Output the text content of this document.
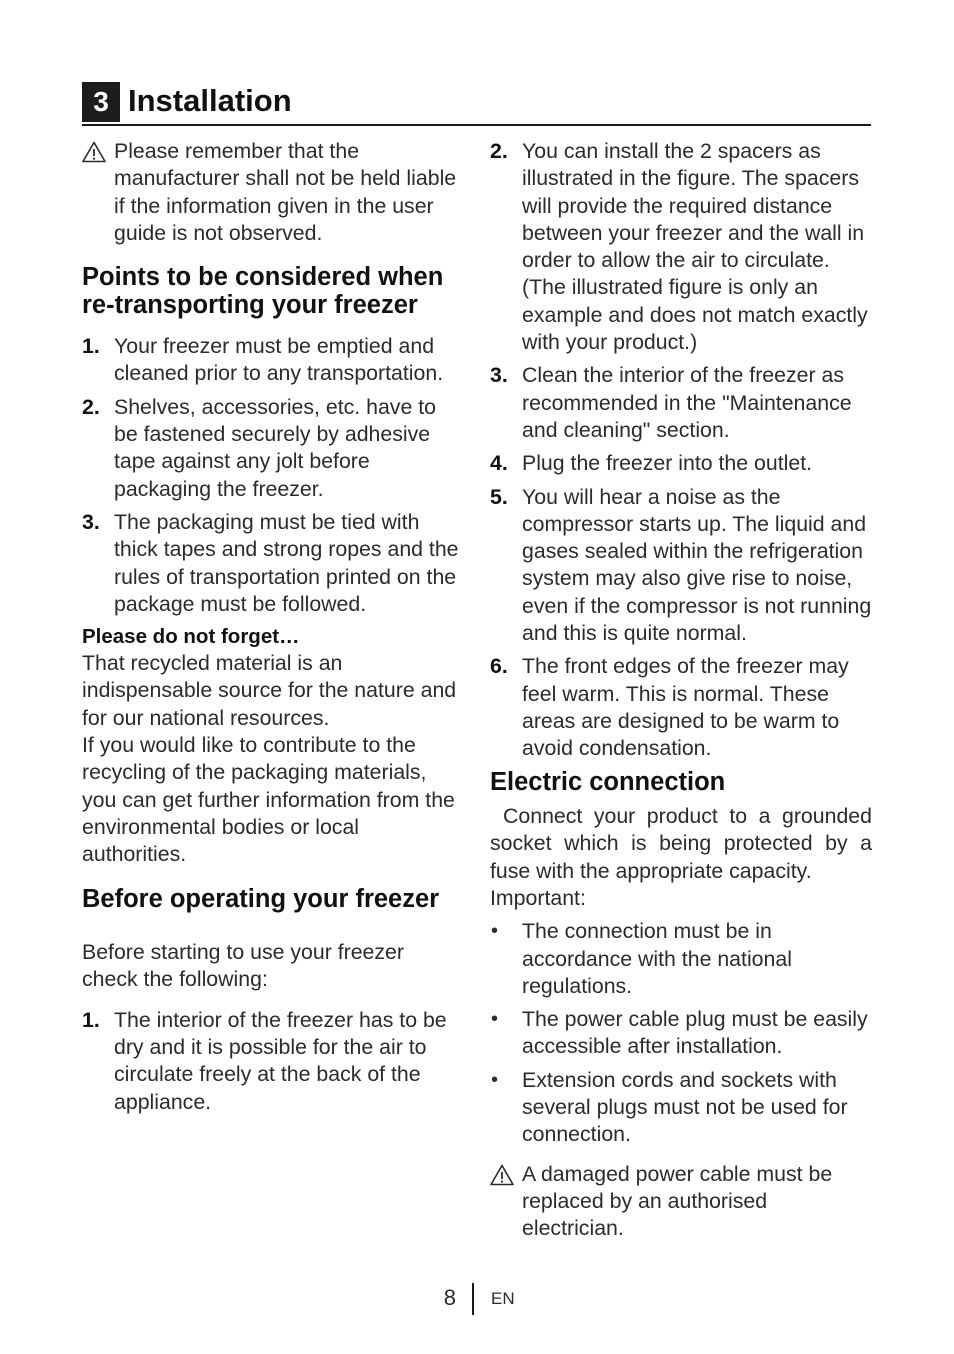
3 Installation

Please remember that the manufacturer shall not be held liable if the information given in the user guide is not observed.

Points to be considered when re-transporting your freezer
1. Your freezer must be emptied and cleaned prior to any transportation.
2. Shelves, accessories, etc. have to be fastened securely by adhesive tape against any jolt before packaging the freezer.
3. The packaging must be tied with thick tapes and strong ropes and the rules of transportation printed on the package must be followed.
Please do not forget…

That recycled material is an indispensable source for the nature and for our national resources.

If you would like to contribute to the recycling of the packaging materials, you can get further information from the environmental bodies or local authorities.

Before operating your freezer

Before starting to use your freezer check the following:

1. The interior of the freezer has to be dry and it is possible for the air to circulate freely at the back of the appliance.
2. You can install the 2 spacers as illustrated in the figure. The spacers will provide the required distance between your freezer and the wall in order to allow the air to circulate. (The illustrated figure is only an example and does not match exactly with your product.)
3. Clean the interior of the freezer as recommended in the "Maintenance and cleaning" section.
4. Plug the freezer into the outlet.
5. You will hear a noise as the compressor starts up. The liquid and gases sealed within the refrigeration system may also give rise to noise, even if the compressor is not running and this is quite normal.
6. The front edges of the freezer may feel warm. This is normal. These areas are designed to be warm to avoid condensation.
Electric connection

Connect your product to a grounded socket which is being protected by a fuse with the appropriate capacity.

Important:

• The connection must be in accordance with the national regulations.
• The power cable plug must be easily accessible after installation.
• Extension cords and sockets with several plugs must not be used for connection.

A damaged power cable must be replaced by an authorised electrician.

8 EN
